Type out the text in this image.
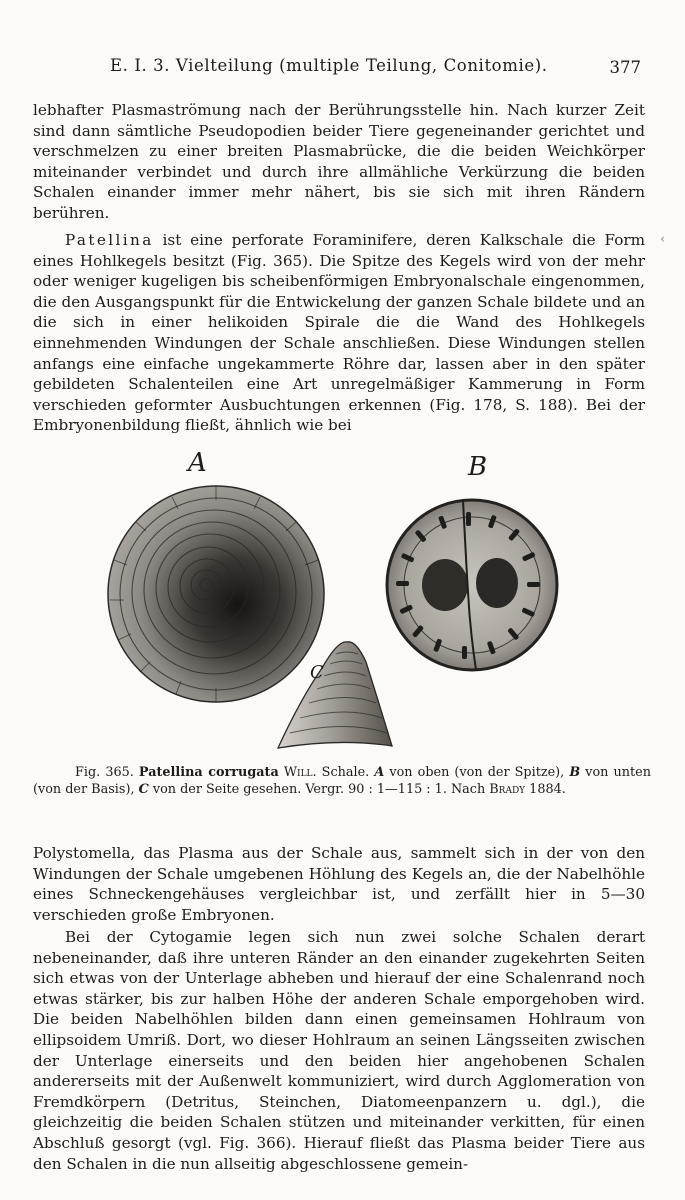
E. I. 3. Vielteilung (multiple Teilung, Conitomie).	377

lebhafter Plasmaströmung nach der Berührungsstelle hin. Nach kurzer Zeit sind dann sämtliche Pseudopodien beider Tiere gegeneinander gerichtet und verschmelzen zu einer breiten Plasmabrücke, die die beiden Weichkörper miteinander verbindet und durch ihre allmähliche Verkürzung die beiden Schalen einander immer mehr nähert, bis sie sich mit ihren Rändern berühren.

Patellina ist eine perforate Foraminifere, deren Kalkschale die Form eines Hohlkegels besitzt (Fig. 365). Die Spitze des Kegels wird von der mehr oder weniger kugeligen bis scheibenförmigen Embryonalschale eingenommen, die den Ausgangspunkt für die Entwickelung der ganzen Schale bildete und an die sich in einer helikoiden Spirale die die Wand des Hohlkegels einnehmenden Windungen der Schale anschließen. Diese Windungen stellen anfangs eine einfache ungekammerte Röhre dar, lassen aber in den später gebildeten Schalenteilen eine Art unregelmäßiger Kammerung in Form verschieden geformter Ausbuchtungen erkennen (Fig. 178, S. 188). Bei der Embryonenbildung fließt, ähnlich wie bei

‹
A	B
C

Fig. 365. Patellina corrugata Will. Schale. A von oben (von der Spitze), B von unten (von der Basis), C von der Seite gesehen. Vergr. 90 : 1—115 : 1. Nach Brady 1884.

Polystomella, das Plasma aus der Schale aus, sammelt sich in der von den Windungen der Schale umgebenen Höhlung des Kegels an, die der Nabelhöhle eines Schneckengehäuses vergleichbar ist, und zerfällt hier in 5—30 verschieden große Embryonen.

Bei der Cytogamie legen sich nun zwei solche Schalen derart nebeneinander, daß ihre unteren Ränder an den einander zugekehrten Seiten sich etwas von der Unterlage abheben und hierauf der eine Schalenrand noch etwas stärker, bis zur halben Höhe der anderen Schale emporgehoben wird. Die beiden Nabelhöhlen bilden dann einen gemeinsamen Hohlraum von ellipsoidem Umriß. Dort, wo dieser Hohlraum an seinen Längsseiten zwischen der Unterlage einerseits und den beiden hier angehobenen Schalen andererseits mit der Außenwelt kommuniziert, wird durch Agglomeration von Fremdkörpern (Detritus, Steinchen, Diatomeenpanzern u. dgl.), die gleichzeitig die beiden Schalen stützen und miteinander verkitten, für einen Abschluß gesorgt (vgl. Fig. 366). Hierauf fließt das Plasma beider Tiere aus den Schalen in die nun allseitig abgeschlossene gemein-
